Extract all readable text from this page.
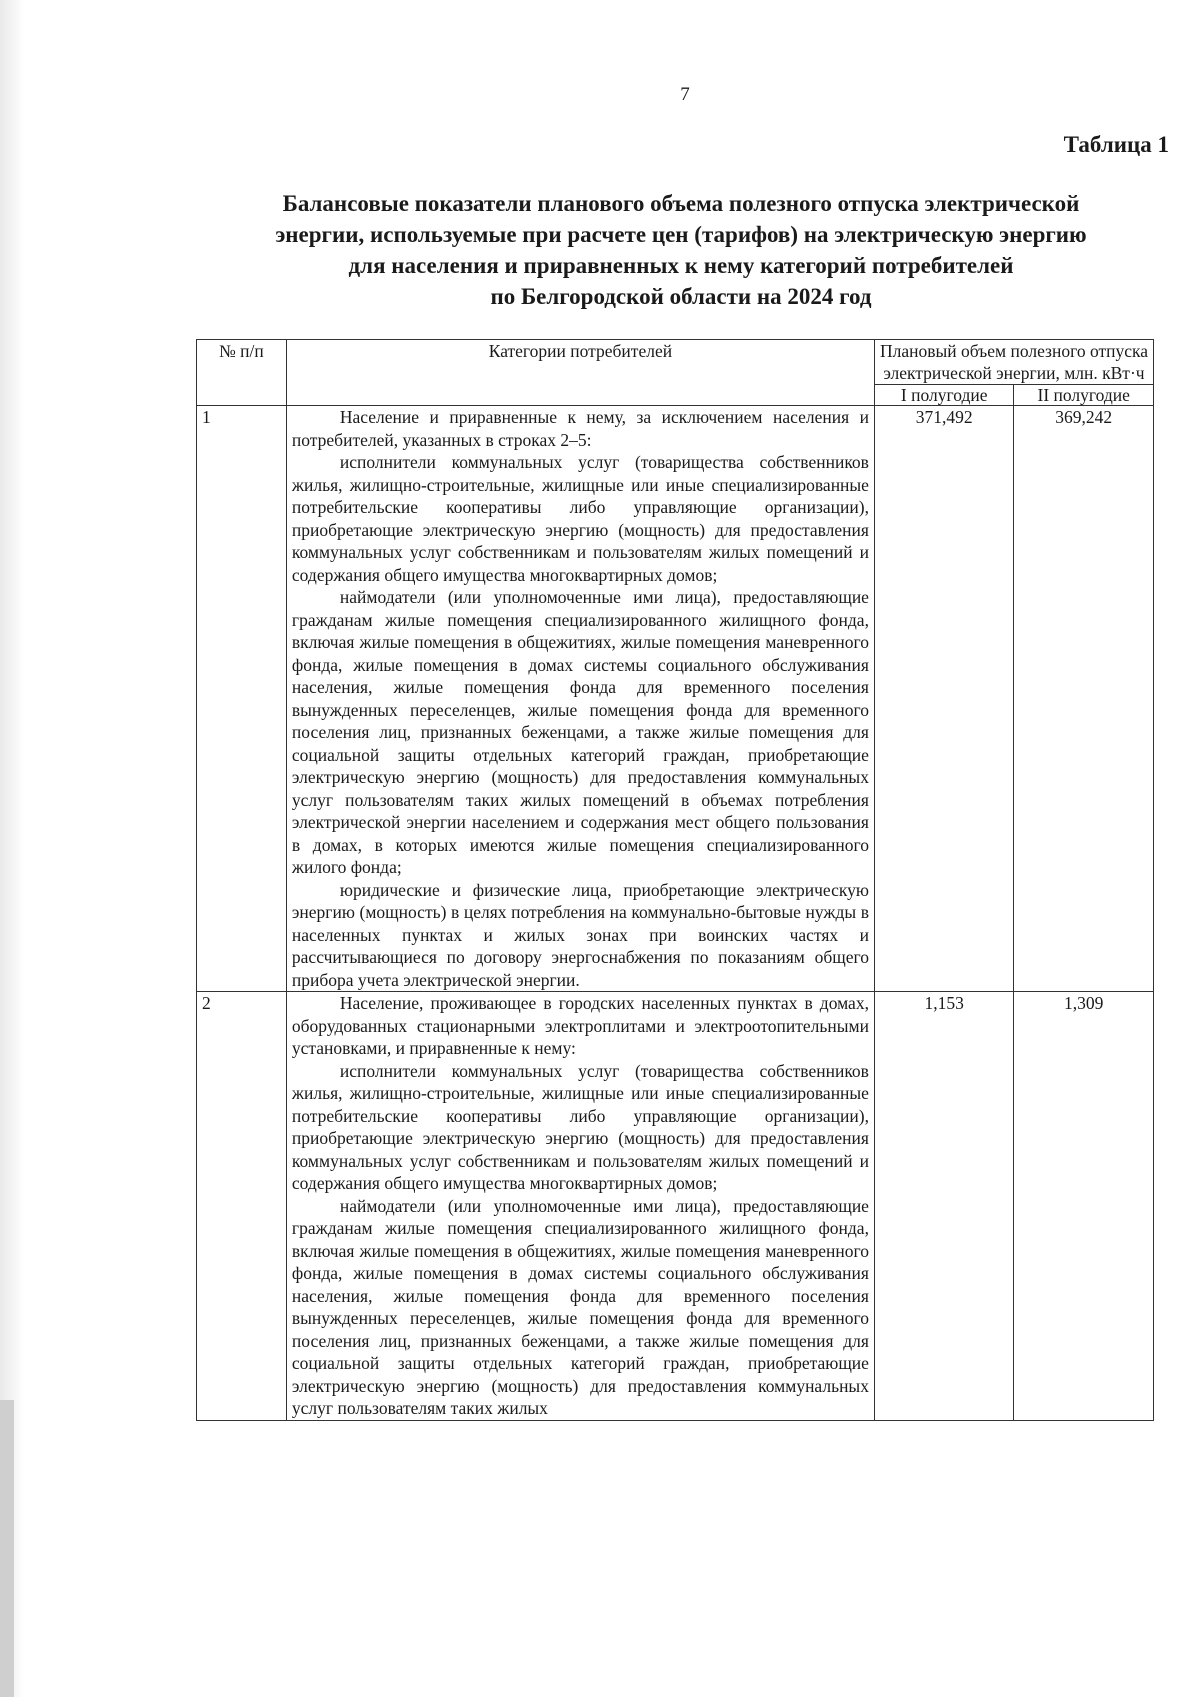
7
Таблица 1
Балансовые показатели планового объема полезного отпуска электрической
энергии, используемые при расчете цен (тарифов) на электрическую энергию
для населения и приравненных к нему категорий потребителей
по Белгородской области на 2024 год
№ п/п	Категории потребителей	Плановый объем полезного отпуска электрической энергии, млн. кВт·ч	
		I полугодие	II полугодие
1	Население и приравненные к нему, за исключением населения и потребителей, указанных в строках 2–5:

исполнители коммунальных услуг (товарищества собственников жилья, жилищно-строительные, жилищные или иные специализированные потребительские кооперативы либо управляющие организации), приобретающие электрическую энергию (мощность) для предоставления коммунальных услуг собственникам и пользователям жилых помещений и содержания общего имущества многоквартирных домов;

наймодатели (или уполномоченные ими лица), предоставляющие гражданам жилые помещения специализированного жилищного фонда, включая жилые помещения в общежитиях, жилые помещения маневренного фонда, жилые помещения в домах системы социального обслуживания населения, жилые помещения фонда для временного поселения вынужденных переселенцев, жилые помещения фонда для временного поселения лиц, признанных беженцами, а также жилые помещения для социальной защиты отдельных категорий граждан, приобретающие электрическую энергию (мощность) для предоставления коммунальных услуг пользователям таких жилых помещений в объемах потребления электрической энергии населением и содержания мест общего пользования в домах, в которых имеются жилые помещения специализированного жилого фонда;

юридические и физические лица, приобретающие электрическую энергию (мощность) в целях потребления на коммунально-бытовые нужды в населенных пунктах и жилых зонах при воинских частях и рассчитывающиеся по договору энергоснабжения по показаниям общего прибора учета электрической энергии.	371,492	369,242
2	Население, проживающее в городских населенных пунктах в домах, оборудованных стационарными электроплитами и электроотопительными установками, и приравненные к нему:

исполнители коммунальных услуг (товарищества собственников жилья, жилищно-строительные, жилищные или иные специализированные потребительские кооперативы либо управляющие организации), приобретающие электрическую энергию (мощность) для предоставления коммунальных услуг собственникам и пользователям жилых помещений и содержания общего имущества многоквартирных домов;

наймодатели (или уполномоченные ими лица), предоставляющие гражданам жилые помещения специализированного жилищного фонда, включая жилые помещения в общежитиях, жилые помещения маневренного фонда, жилые помещения в домах системы социального обслуживания населения, жилые помещения фонда для временного поселения вынужденных переселенцев, жилые помещения фонда для временного поселения лиц, признанных беженцами, а также жилые помещения для социальной защиты отдельных категорий граждан, приобретающие электрическую энергию (мощность) для предоставления коммунальных услуг пользователям таких жилых	1,153	1,309
